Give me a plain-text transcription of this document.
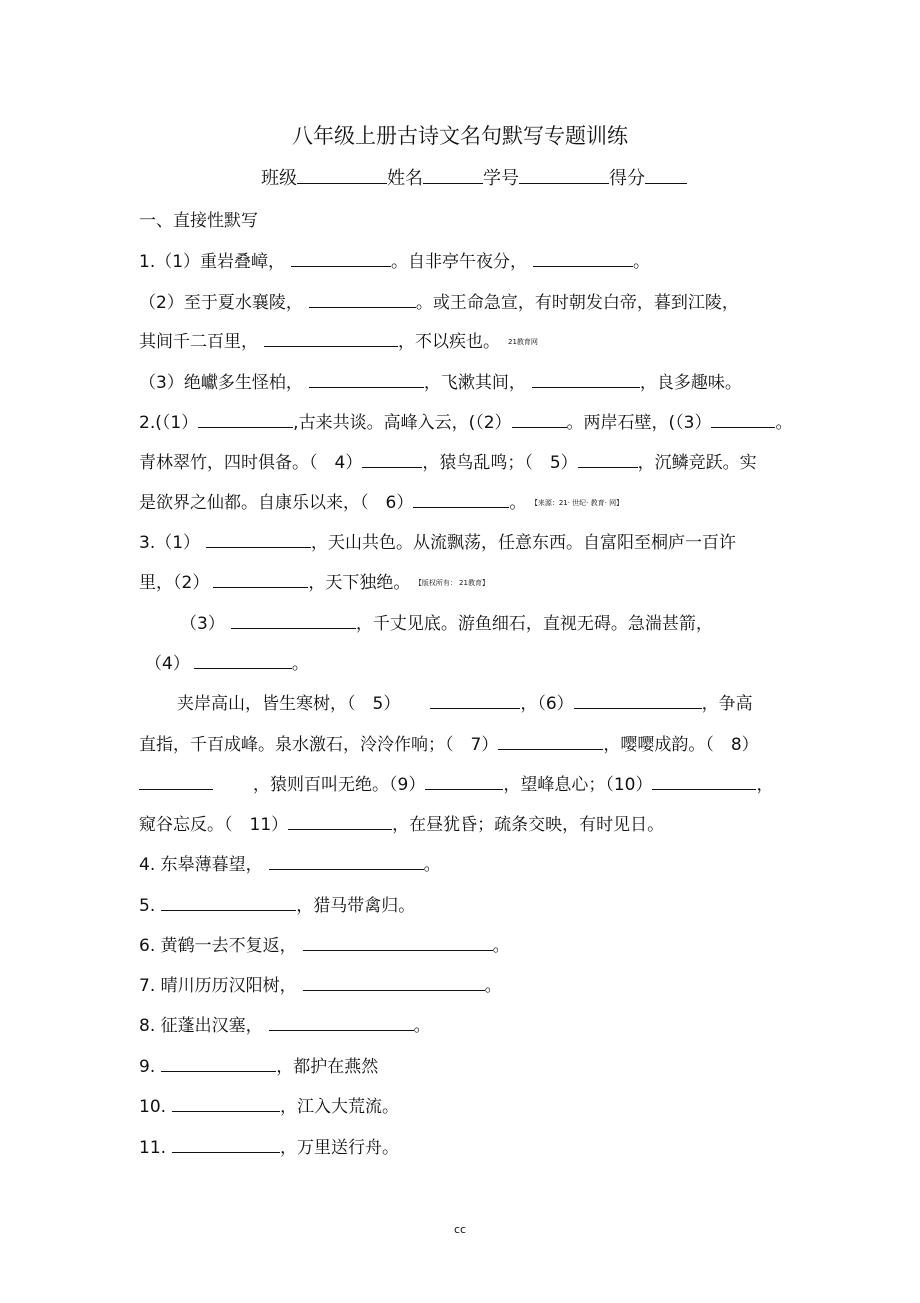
八年级上册古诗文名句默写专题训练
班级	姓名	学号	得分
一、直接性默写
1.（1）重岩叠嶂，	。自非亭午夜分，	。
（2）至于夏水襄陵，	。或王命急宣，有时朝发白帝，暮到江陵，
其间千二百里，	，不以疾也。 21教育网
（3）绝巘多生怪柏，	，飞漱其间，	，良多趣味。
2.(（1）	,古来共谈。高峰入云，(（2）	。两岸石壁，(（3）	。
青林翠竹，四时俱备。（　4）	，猿鸟乱鸣；（　5）	，沉鳞竞跃。实
是欲界之仙都。自康乐以来，（　6）	。 【来源：21· 世纪· 教育· 网】
3.（1）	，天山共色。从流飘荡，任意东西。自富阳至桐庐一百许
里，（2）	，天下独绝。 【版权所有： 21教育】
（3）	，千丈见底。游鱼细石，直视无碍。急湍甚箭，
（4）	。
夹岸高山，皆生寒树，（　5）	，（6）	，争高
直指，千百成峰。泉水激石，泠泠作响；（　7）	，嘤嘤成韵。（　8）
，猿则百叫无绝。（9）	，望峰息心；（10）	，
窥谷忘反。（　11）	，在昼犹昏；疏条交映，有时见日。
4. 东皋薄暮望，	。
5.	，猎马带禽归。
6. 黄鹤一去不复返，	。
7. 晴川历历汉阳树，	。
8. 征蓬出汉塞，	。
9.	，都护在燕然
10.	，江入大荒流。
11.	，万里送行舟。
cc
